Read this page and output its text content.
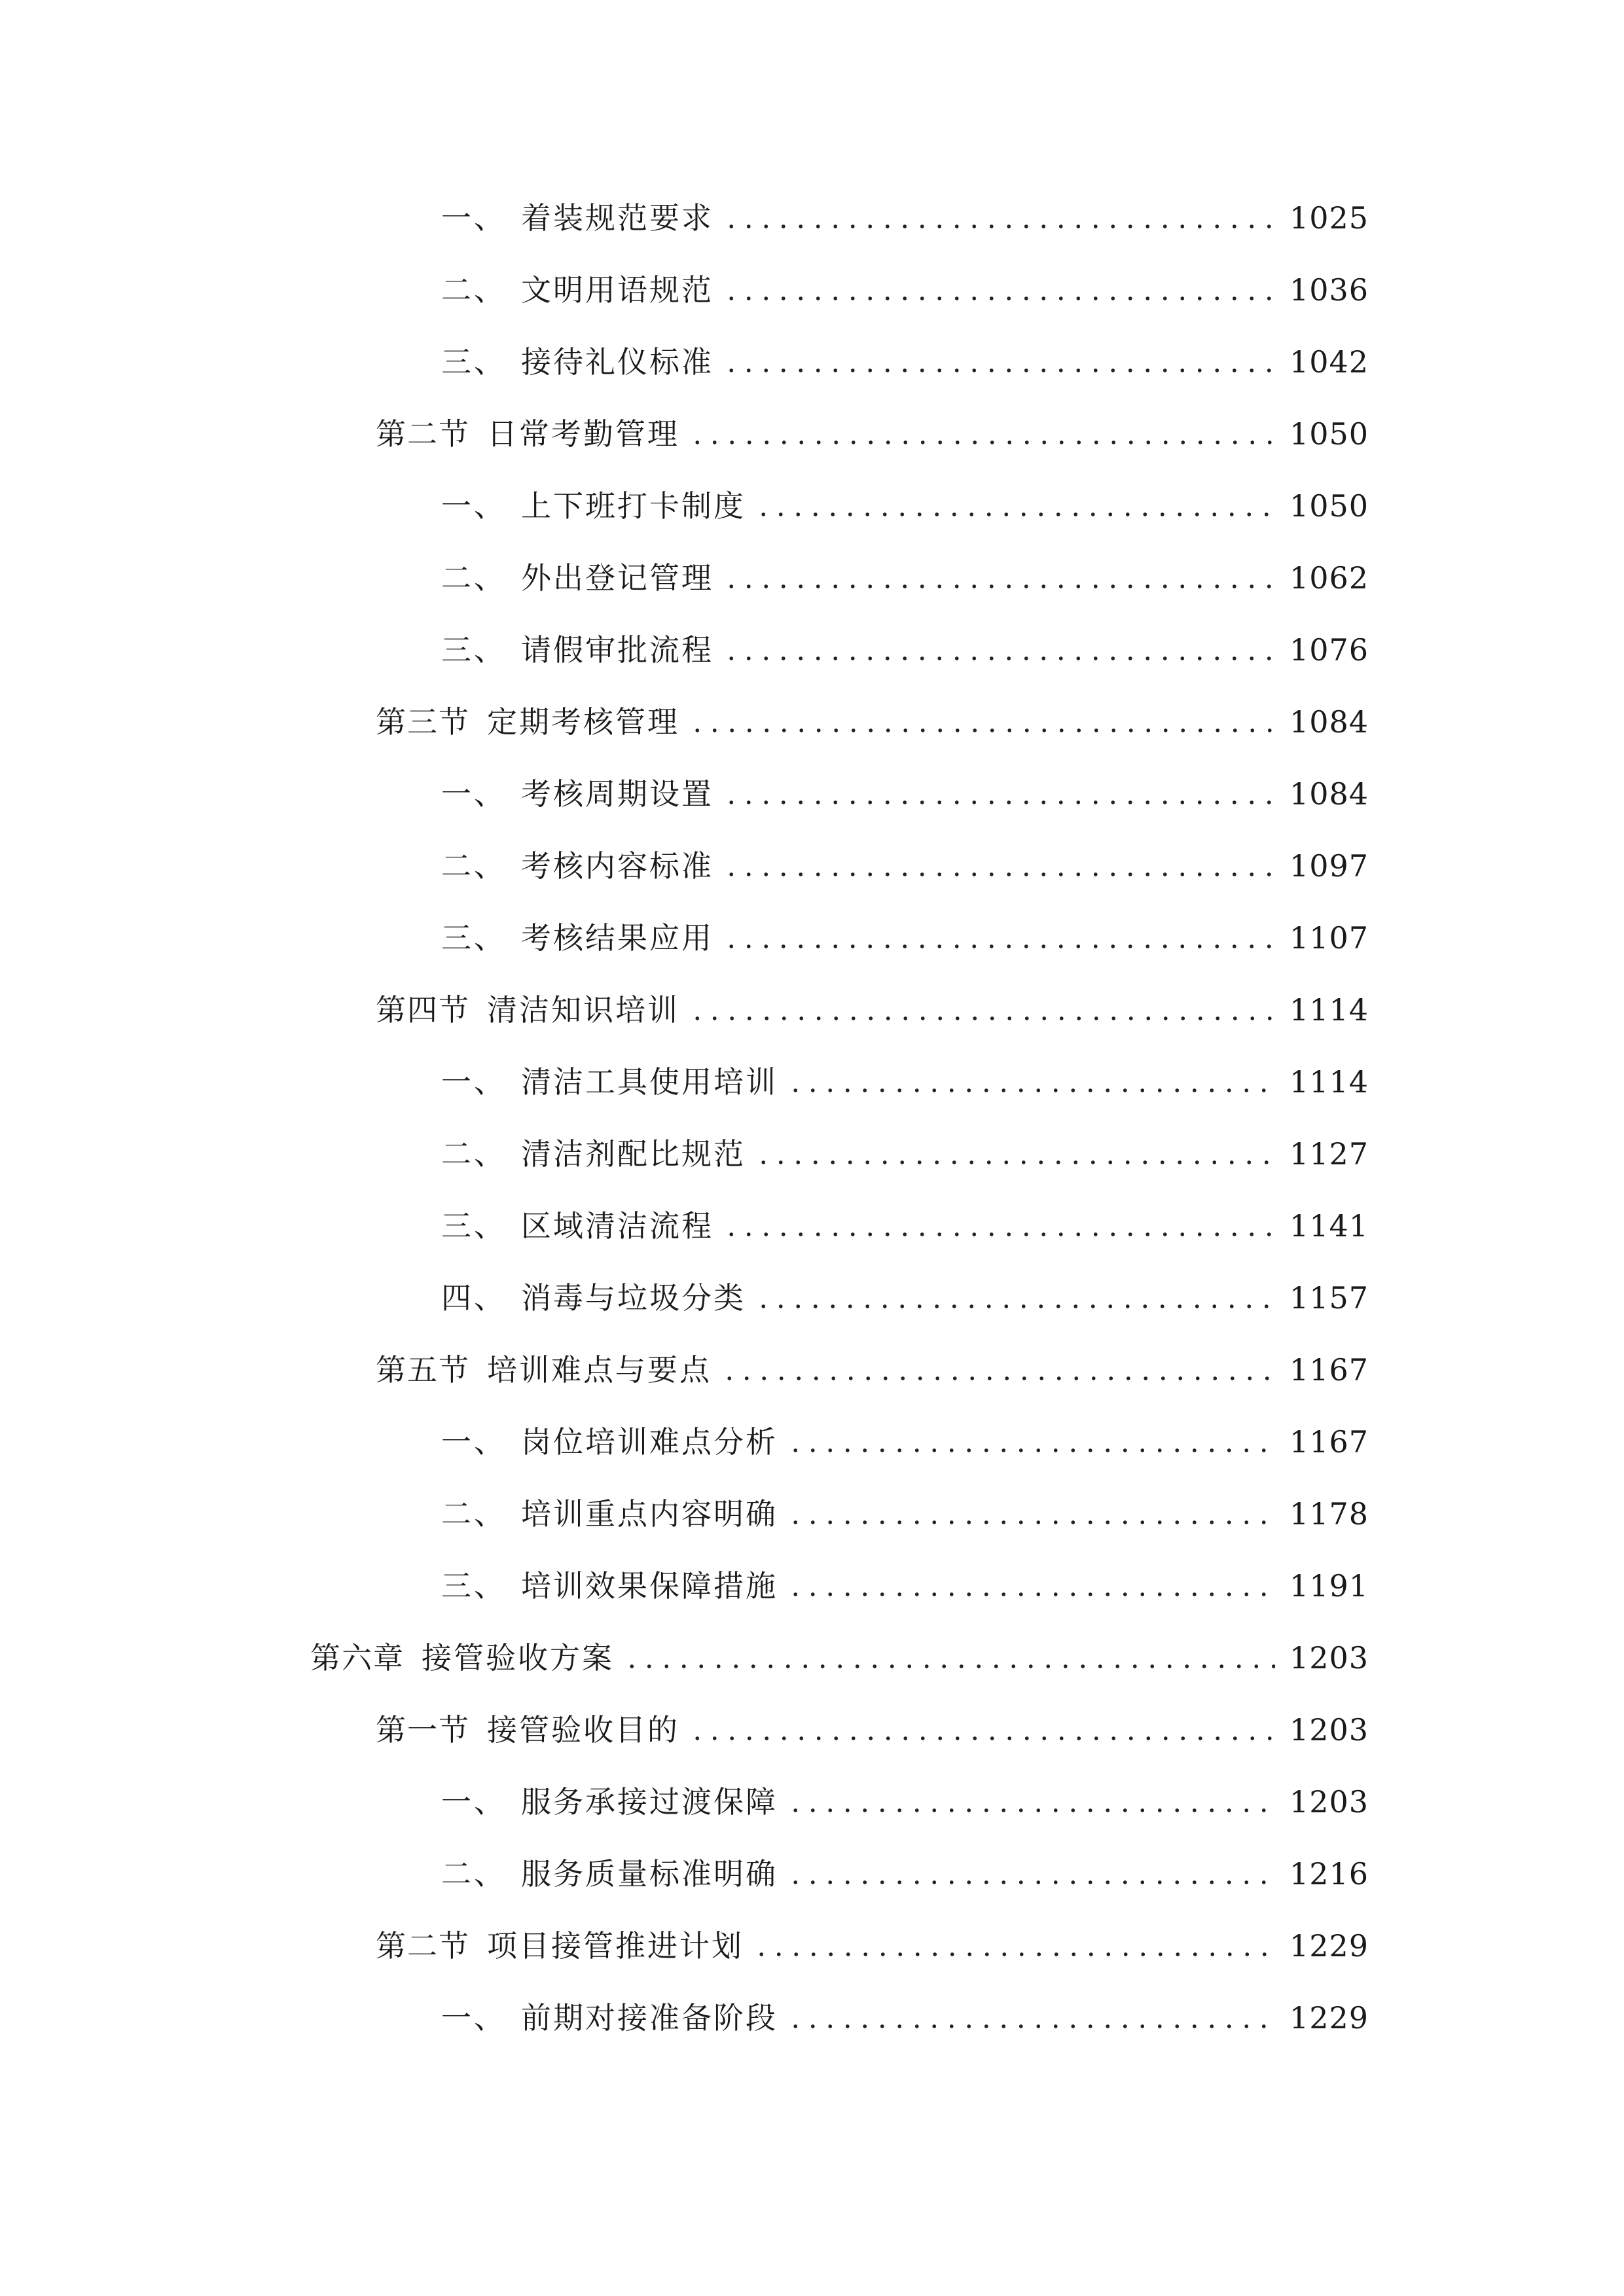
一、 着装规范要求	1025
二、 文明用语规范	1036
三、 接待礼仪标准	1042
第二节 日常考勤管理	1050
一、 上下班打卡制度	1050
二、 外出登记管理	1062
三、 请假审批流程	1076
第三节 定期考核管理	1084
一、 考核周期设置	1084
二、 考核内容标准	1097
三、 考核结果应用	1107
第四节 清洁知识培训	1114
一、 清洁工具使用培训	1114
二、 清洁剂配比规范	1127
三、 区域清洁流程	1141
四、 消毒与垃圾分类	1157
第五节 培训难点与要点	1167
一、 岗位培训难点分析	1167
二、 培训重点内容明确	1178
三、 培训效果保障措施	1191
第六章 接管验收方案	1203
第一节 接管验收目的	1203
一、 服务承接过渡保障	1203
二、 服务质量标准明确	1216
第二节 项目接管推进计划	1229
一、 前期对接准备阶段	1229
